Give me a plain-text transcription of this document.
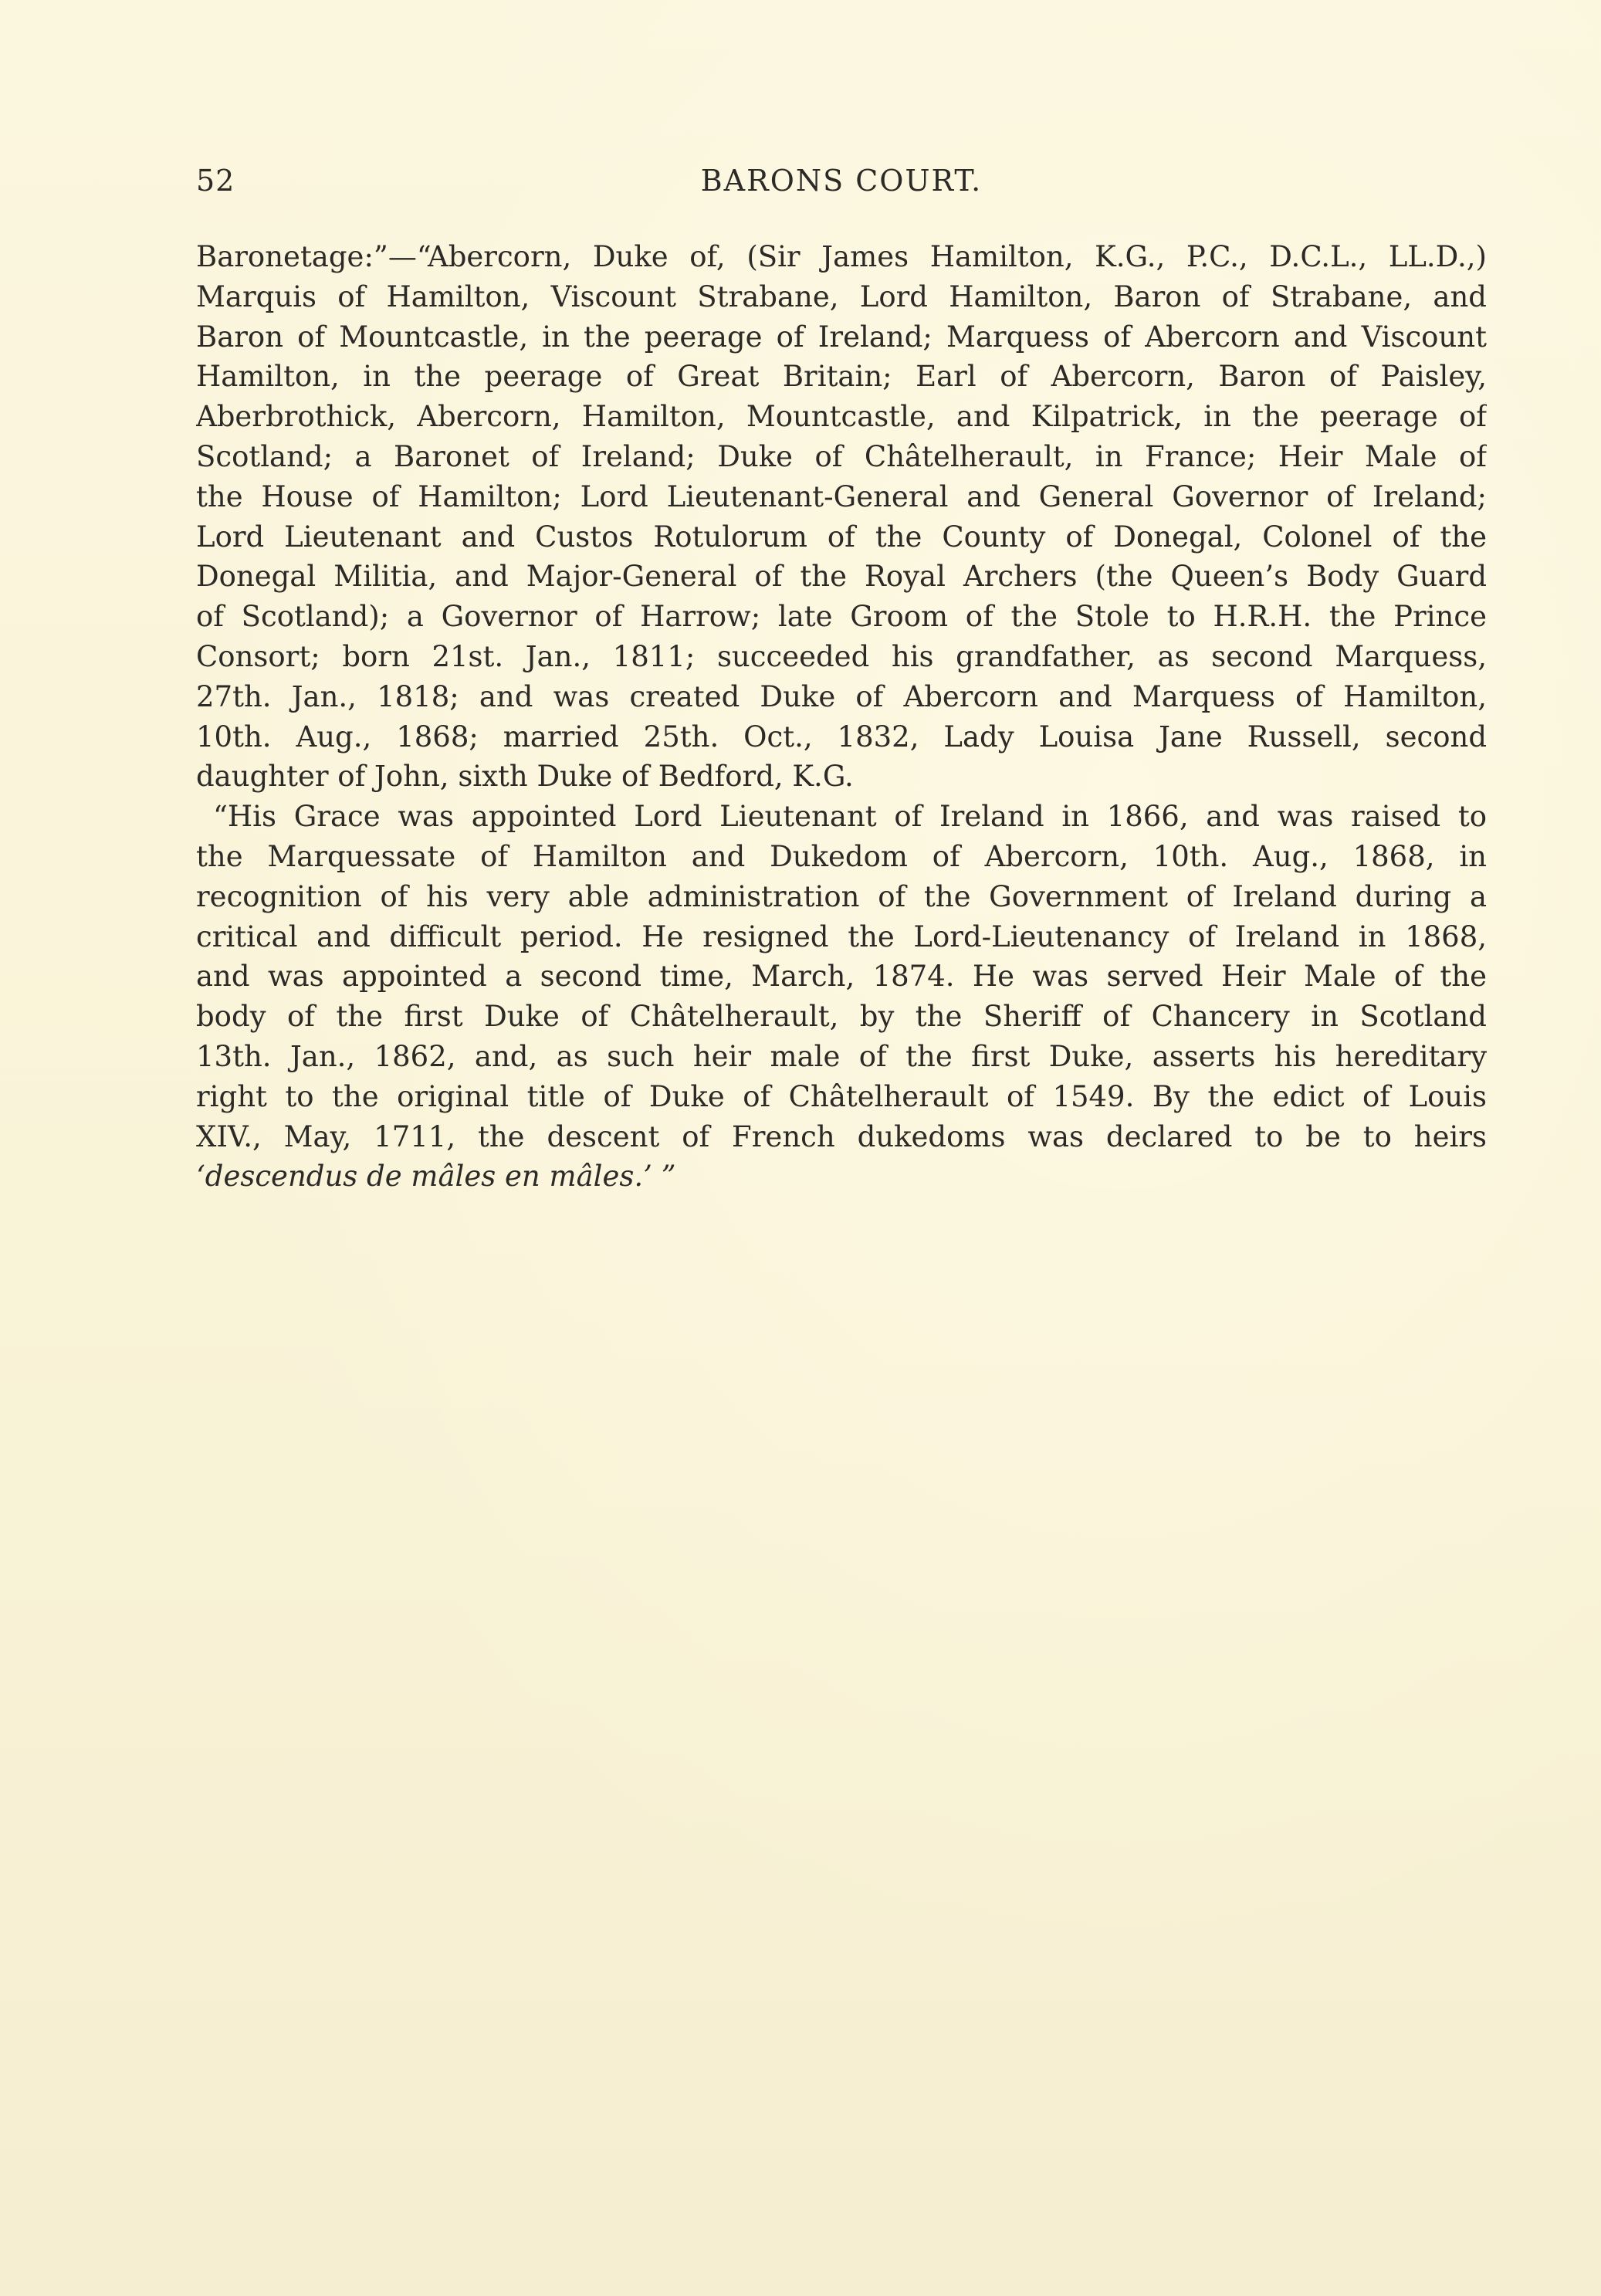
52	BARONS COURT.

Baronetage:”—“Abercorn, Duke of, (Sir James Hamilton, K.G., P.C., D.C.L., LL.D.,)
Marquis of Hamilton, Viscount Strabane, Lord Hamilton, Baron of Strabane, and
Baron of Mountcastle, in the peerage of Ireland; Marquess of Abercorn and Viscount
Hamilton, in the peerage of Great Britain; Earl of Abercorn, Baron of Paisley,
Aberbrothick, Abercorn, Hamilton, Mountcastle, and Kilpatrick, in the peerage of
Scotland; a Baronet of Ireland; Duke of Châtelherault, in France; Heir Male of
the House of Hamilton; Lord Lieutenant-General and General Governor of Ireland;
Lord Lieutenant and Custos Rotulorum of the County of Donegal, Colonel of the
Donegal Militia, and Major-General of the Royal Archers (the Queen’s Body Guard
of Scotland); a Governor of Harrow; late Groom of the Stole to H.R.H. the Prince
Consort; born 21st. Jan., 1811; succeeded his grandfather, as second Marquess,
27th. Jan., 1818; and was created Duke of Abercorn and Marquess of Hamilton,
10th. Aug., 1868; married 25th. Oct., 1832, Lady Louisa Jane Russell, second
daughter of John, sixth Duke of Bedford, K.G.

“His Grace was appointed Lord Lieutenant of Ireland in 1866, and was raised to
the Marquessate of Hamilton and Dukedom of Abercorn, 10th. Aug., 1868, in
recognition of his very able administration of the Government of Ireland during a
critical and difficult period. He resigned the Lord-Lieutenancy of Ireland in 1868,
and was appointed a second time, March, 1874. He was served Heir Male of the
body of the first Duke of Châtelherault, by the Sheriff of Chancery in Scotland
13th. Jan., 1862, and, as such heir male of the first Duke, asserts his hereditary
right to the original title of Duke of Châtelherault of 1549. By the edict of Louis
XIV., May, 1711, the descent of French dukedoms was declared to be to heirs
‘descendus de mâles en mâles.’ ”
